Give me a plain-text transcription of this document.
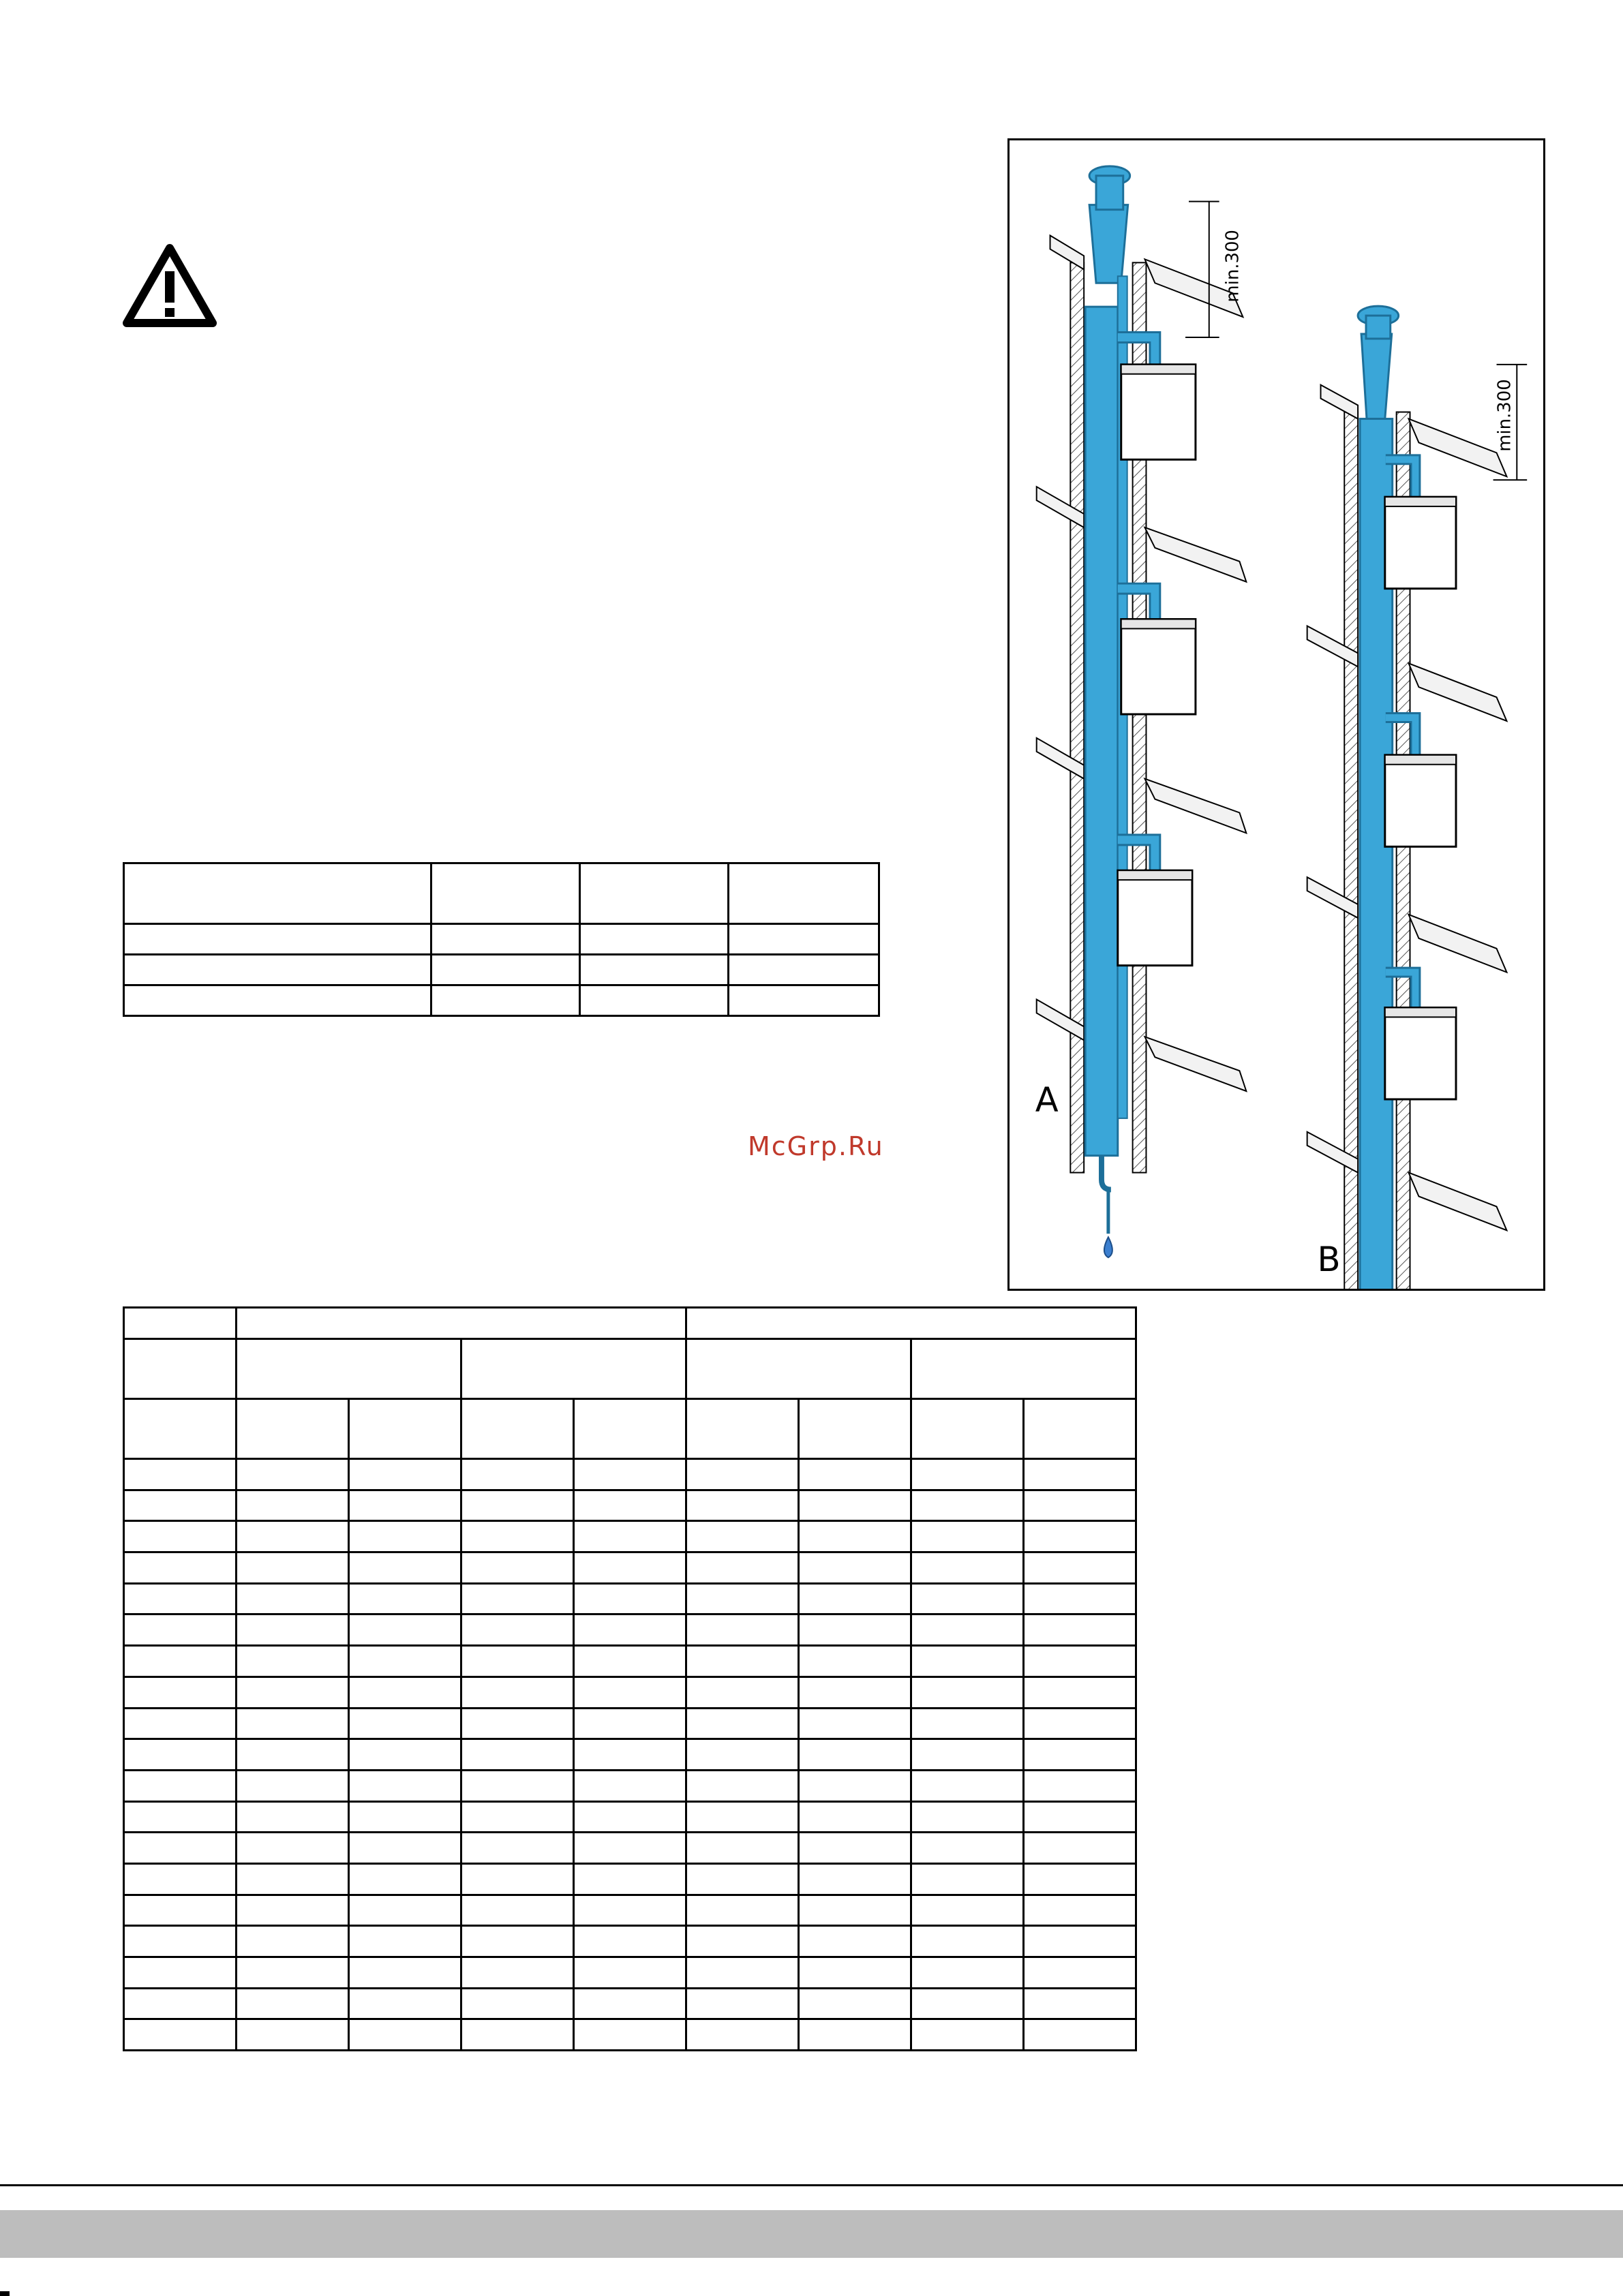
min.300
min.300
A
B

McGrp.Ru
